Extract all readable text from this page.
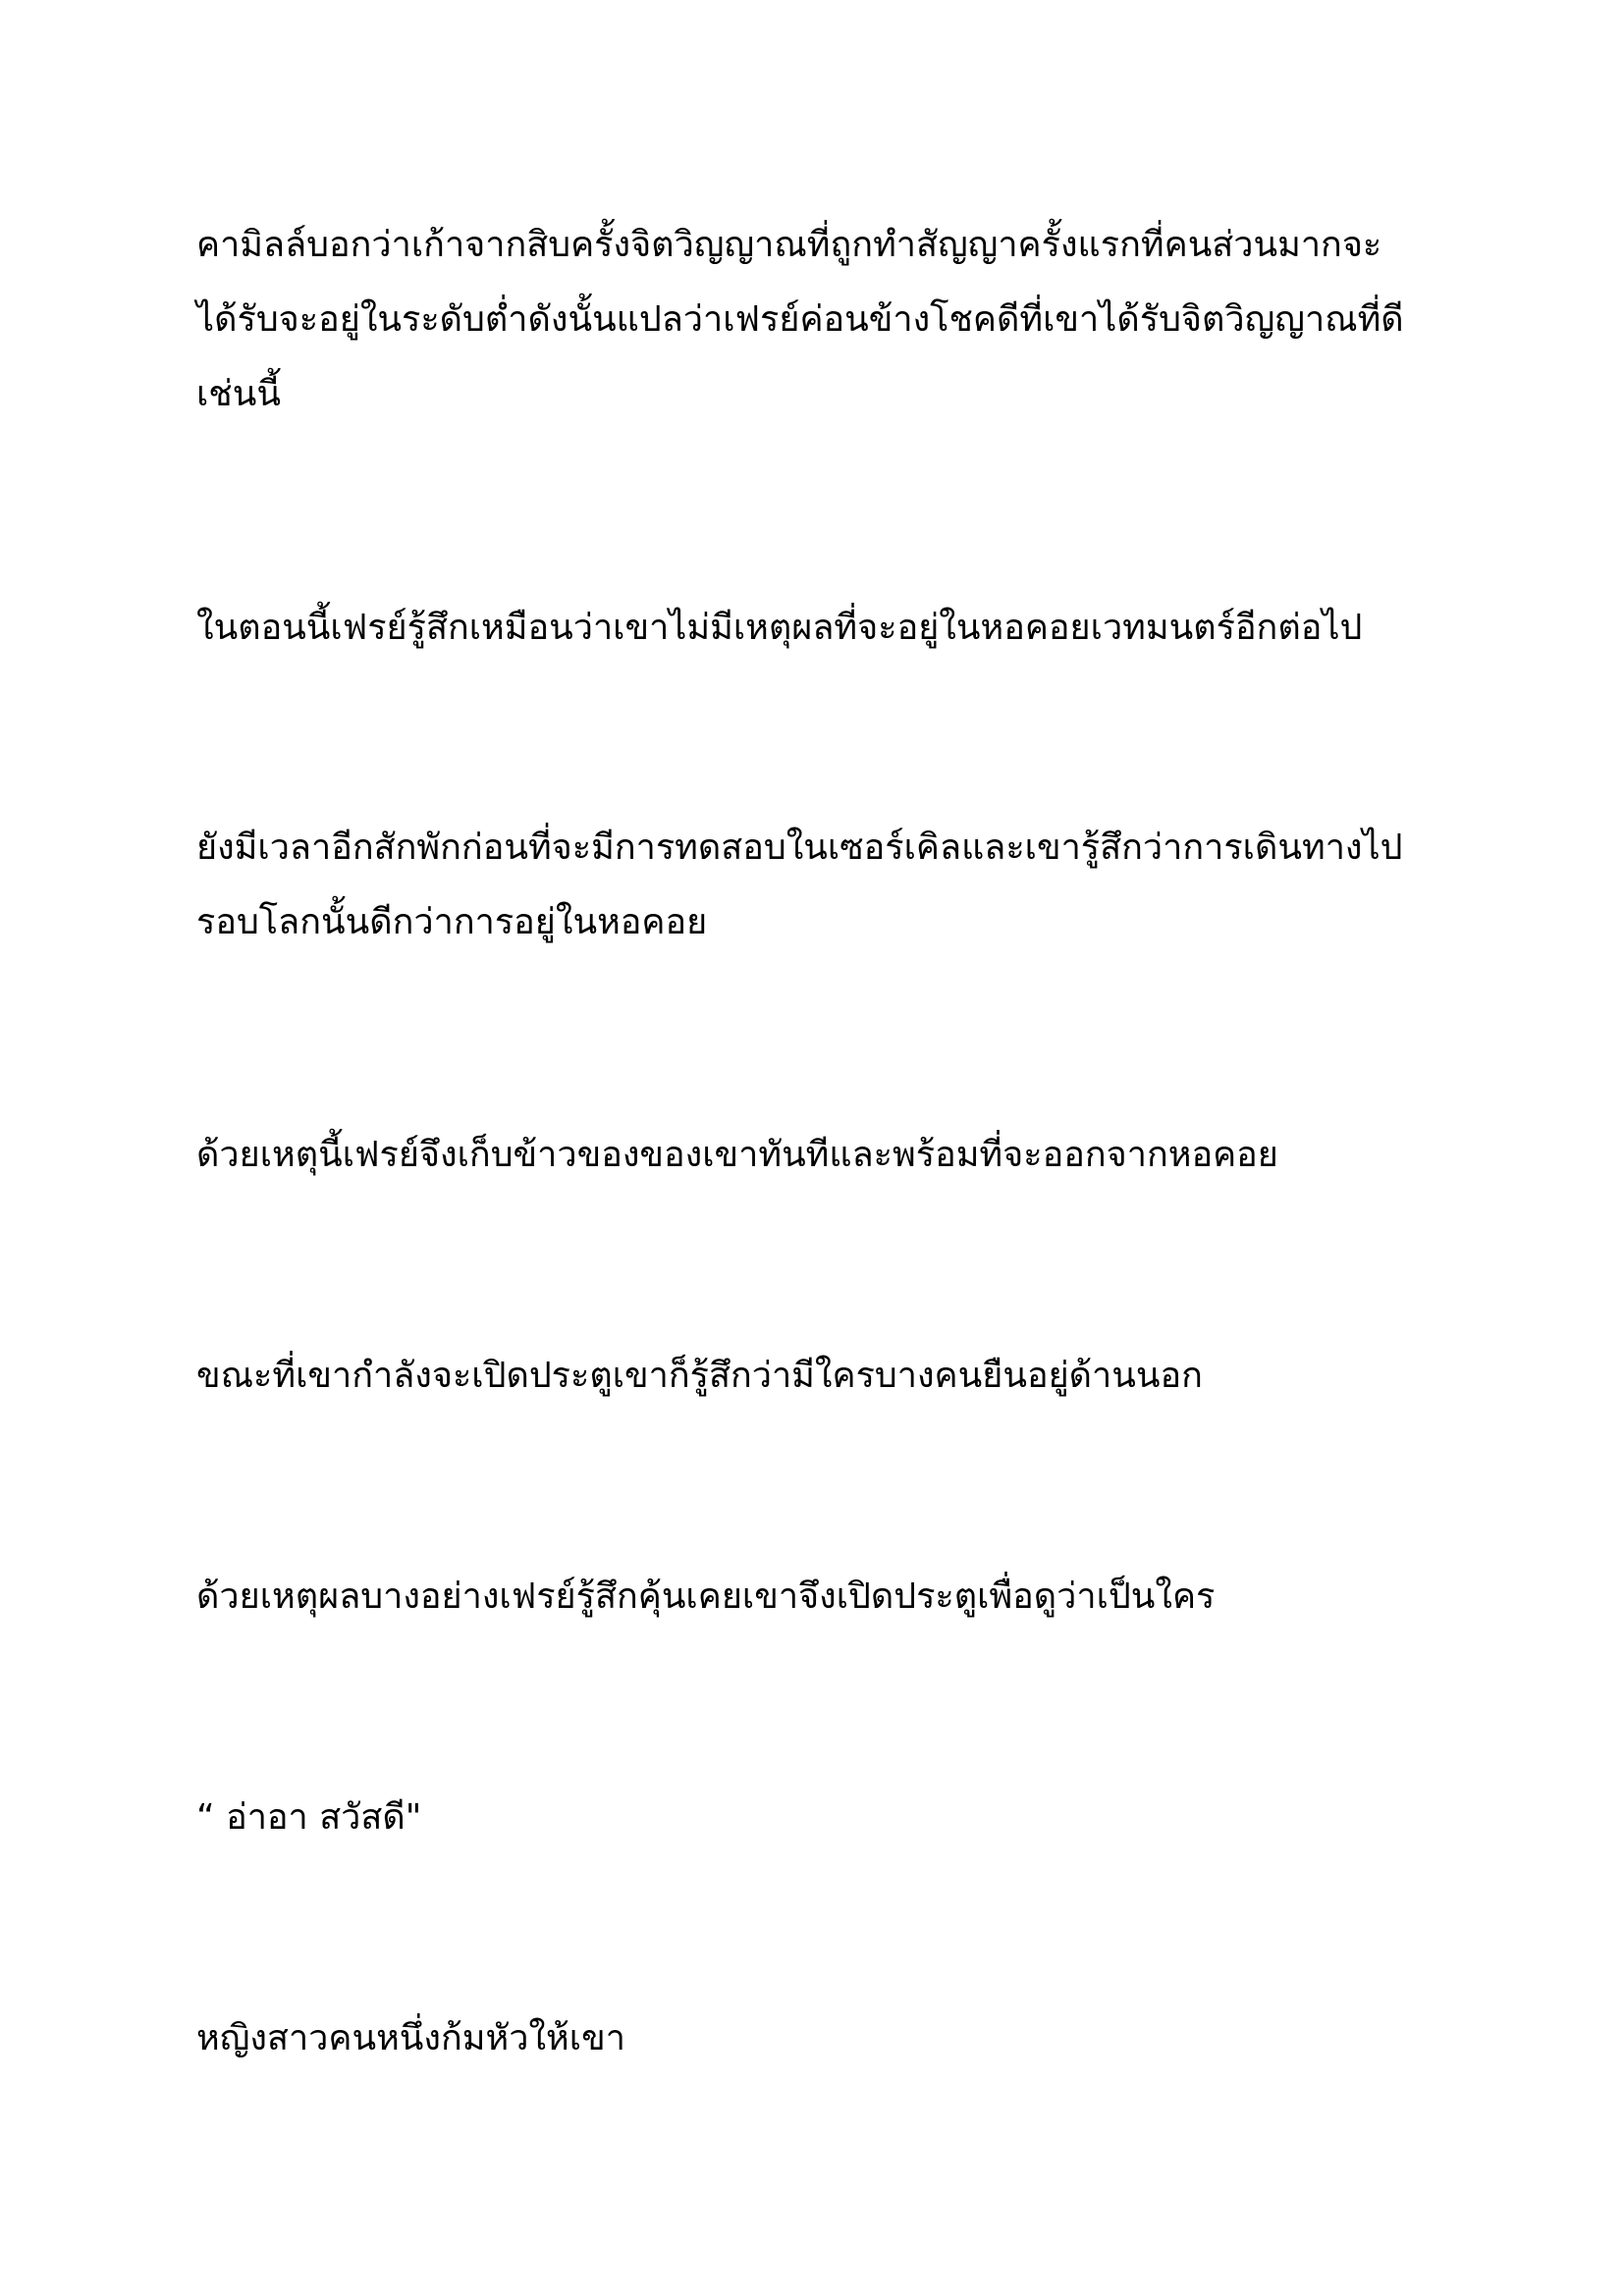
คามิลล์บอกว่าเก้าจากสิบครั้งจิตวิญญาณที่ถูกทำสัญญาครั้งแรกที่คนส่วนมากจะ
ได้รับจะอยู่ในระดับต่ำดังนั้นแปลว่าเฟรย์ค่อนข้างโชคดีที่เขาได้รับจิตวิญญาณที่ดี
เช่นนี้

ในตอนนี้เฟรย์รู้สึกเหมือนว่าเขาไม่มีเหตุผลที่จะอยู่ในหอคอยเวทมนตร์อีกต่อไป

ยังมีเวลาอีกสักพักก่อนที่จะมีการทดสอบในเซอร์เคิลและเขารู้สึกว่าการเดินทางไป
รอบโลกนั้นดีกว่าการอยู่ในหอคอย

ด้วยเหตุนี้เฟรย์จึงเก็บข้าวของของเขาทันทีและพร้อมที่จะออกจากหอคอย

ขณะที่เขากำลังจะเปิดประตูเขาก็รู้สึกว่ามีใครบางคนยืนอยู่ด้านนอก

ด้วยเหตุผลบางอย่างเฟรย์รู้สึกคุ้นเคยเขาจึงเปิดประตูเพื่อดูว่าเป็นใคร

“ อ่าอา สวัสดี"

หญิงสาวคนหนึ่งก้มหัวให้เขา
